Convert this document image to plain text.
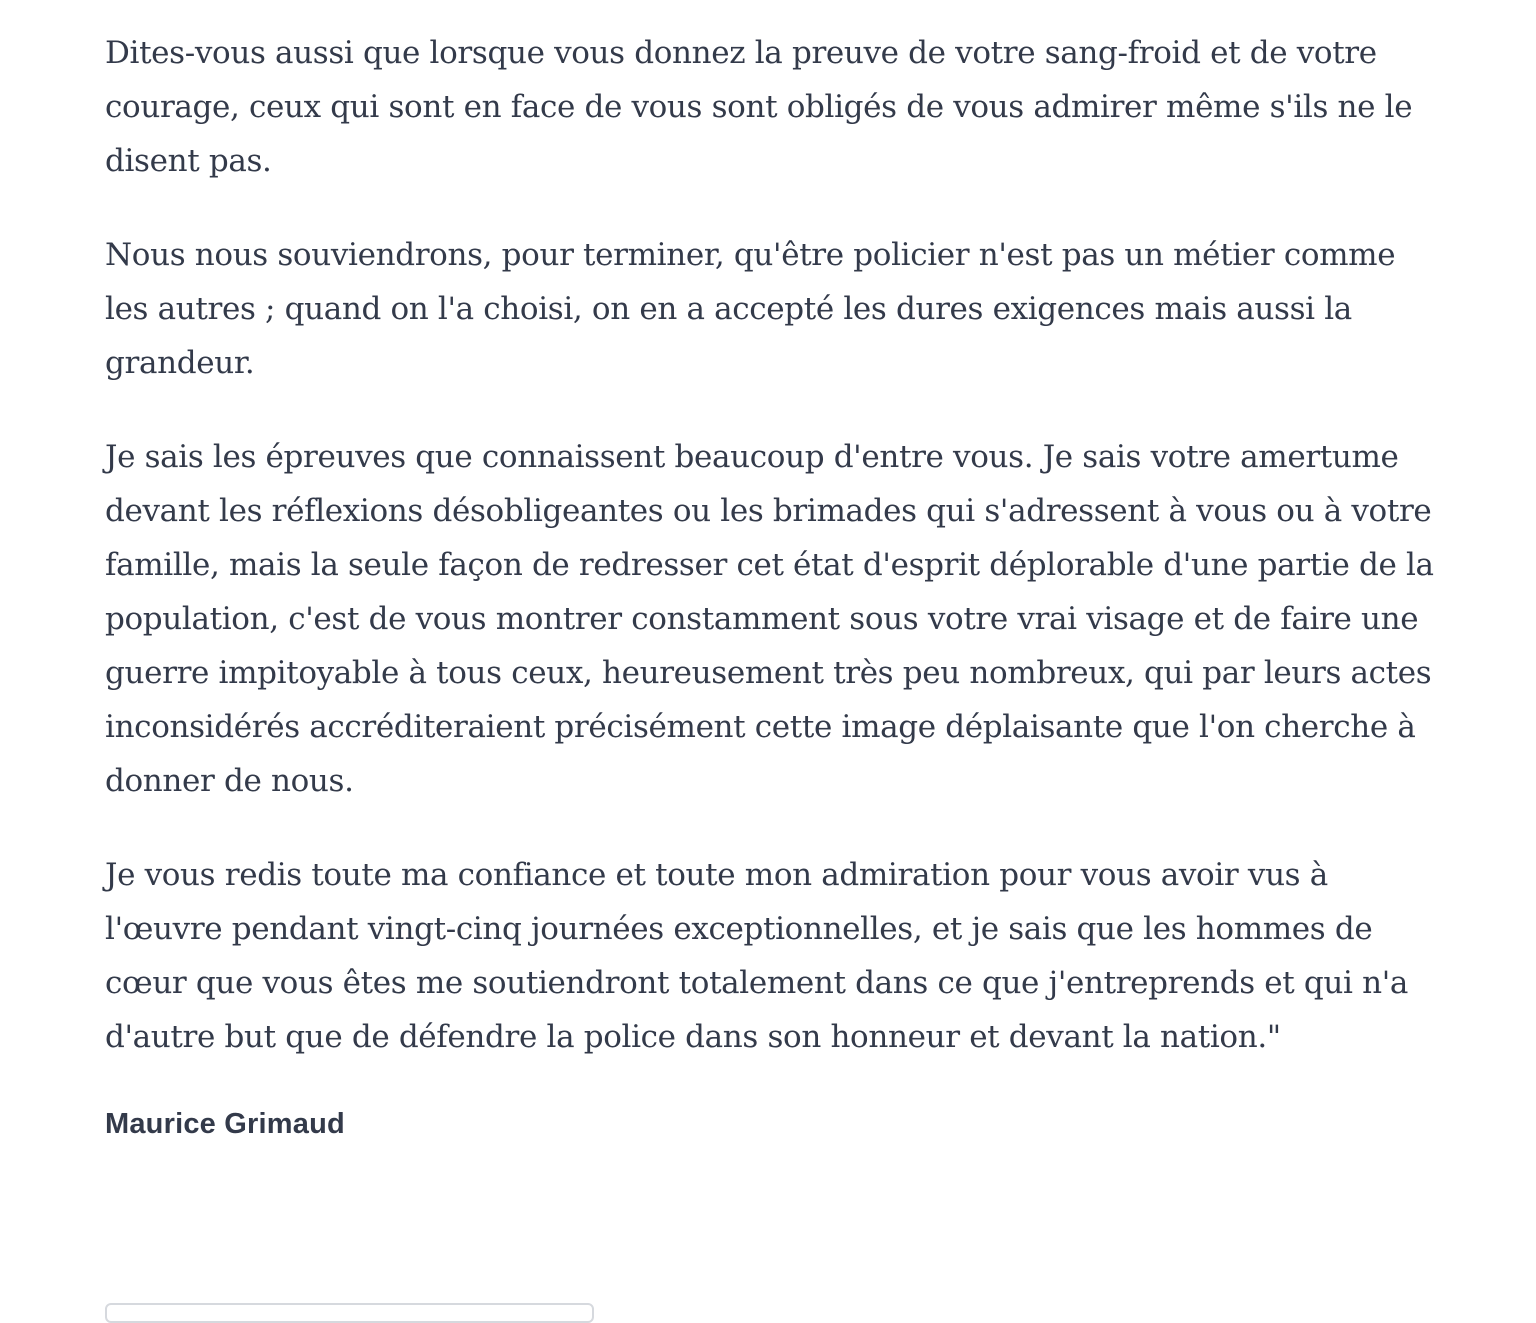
Dites-vous aussi que lorsque vous donnez la preuve de votre sang-froid et de votre courage, ceux qui sont en face de vous sont obligés de vous admirer même s'ils ne le disent pas.

Nous nous souviendrons, pour terminer, qu'être policier n'est pas un métier comme les autres ; quand on l'a choisi, on en a accepté les dures exigences mais aussi la grandeur.

Je sais les épreuves que connaissent beaucoup d'entre vous. Je sais votre amertume devant les réflexions désobligeantes ou les brimades qui s'adressent à vous ou à votre famille, mais la seule façon de redresser cet état d'esprit déplorable d'une partie de la population, c'est de vous montrer constamment sous votre vrai visage et de faire une guerre impitoyable à tous ceux, heureusement très peu nombreux, qui par leurs actes inconsidérés accréditeraient précisément cette image déplaisante que l'on cherche à donner de nous.

Je vous redis toute ma confiance et toute mon admiration pour vous avoir vus à l'œuvre pendant vingt-cinq journées exceptionnelles, et je sais que les hommes de cœur que vous êtes me soutiendront totalement dans ce que j'entreprends et qui n'a d'autre but que de défendre la police dans son honneur et devant la nation."

Maurice Grimaud
